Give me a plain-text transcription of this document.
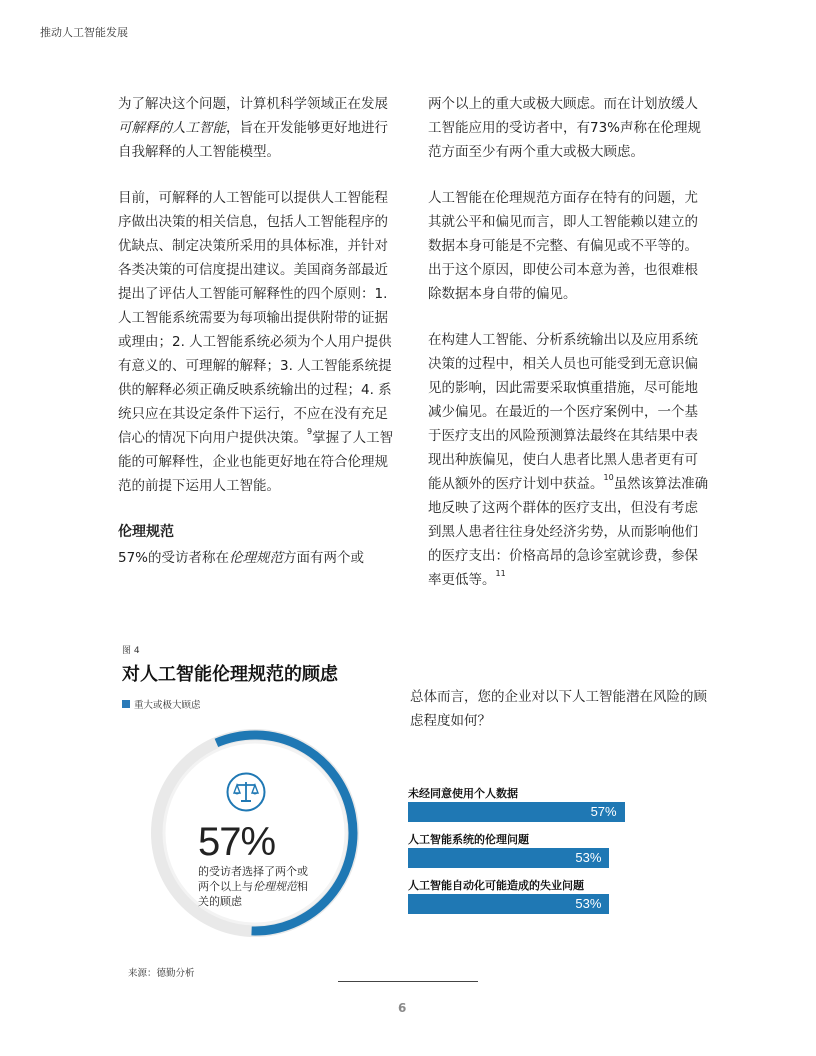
推动人工智能发展

为了解决这个问题，计算机科学领域正在发展可解释的人工智能，旨在开发能够更好地进行自我解释的人工智能模型。

目前，可解释的人工智能可以提供人工智能程序做出决策的相关信息，包括人工智能程序的优缺点、制定决策所采用的具体标准，并针对各类决策的可信度提出建议。美国商务部最近提出了评估人工智能可解释性的四个原则：1. 人工智能系统需要为每项输出提供附带的证据或理由；2. 人工智能系统必须为个人用户提供有意义的、可理解的解释；3. 人工智能系统提供的解释必须正确反映系统输出的过程；4. 系统只应在其设定条件下运行，不应在没有充足信心的情况下向用户提供决策。$^9$掌握了人工智能的可解释性，企业也能更好地在符合伦理规范的前提下运用人工智能。

伦理规范
57%的受访者称在伦理规范方面有两个或

两个以上的重大或极大顾虑。而在计划放缓人工智能应用的受访者中，有73%声称在伦理规范方面至少有两个重大或极大顾虑。

人工智能在伦理规范方面存在特有的问题，尤其就公平和偏见而言，即人工智能赖以建立的数据本身可能是不完整、有偏见或不平等的。出于这个原因，即使公司本意为善，也很难根除数据本身自带的偏见。

在构建人工智能、分析系统输出以及应用系统决策的过程中，相关人员也可能受到无意识偏见的影响，因此需要采取慎重措施，尽可能地减少偏见。在最近的一个医疗案例中，一个基于医疗支出的风险预测算法最终在其结果中表现出种族偏见，使白人患者比黑人患者更有可能从额外的医疗计划中获益。$^{10}$虽然该算法准确地反映了这两个群体的医疗支出，但没有考虑到黑人患者往往身处经济劣势，从而影响他们的医疗支出：价格高昂的急诊室就诊费，参保率更低等。$^{11}$

图 4
对人工智能伦理规范的顾虑
重大或极大顾虑
57%
的受访者选择了两个或两个以上与伦理规范相关的顾虑
总体而言，您的企业对以下人工智能潜在风险的顾虑程度如何？
未经同意使用个人数据
57%
人工智能系统的伦理问题
53%
人工智能自动化可能造成的失业问题
53%
来源：德勤分析
6
